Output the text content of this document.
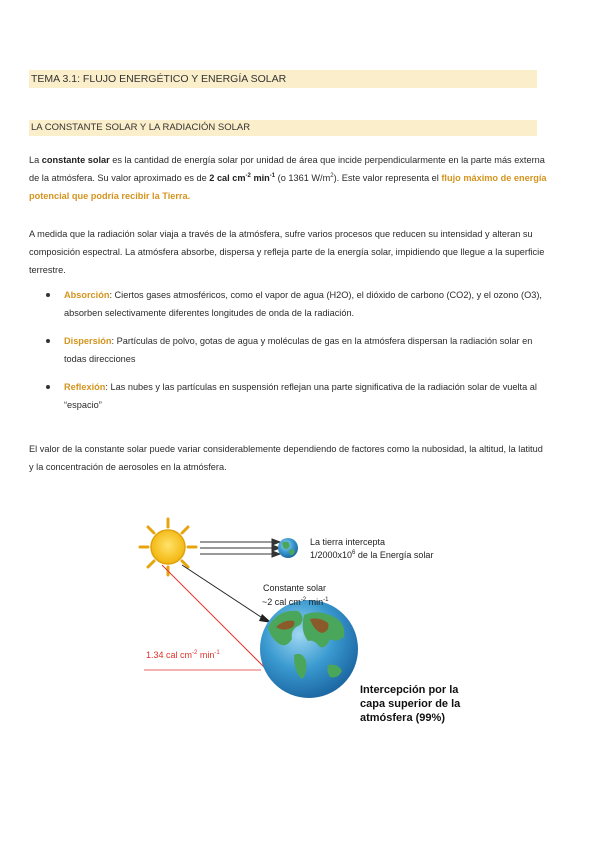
TEMA 3.1: FLUJO ENERGÉTICO Y ENERGÍA SOLAR
LA CONSTANTE SOLAR Y LA RADIACIÓN SOLAR

La constante solar es la cantidad de energía solar por unidad de área que incide perpendicularmente en la parte más externa de la atmósfera. Su valor aproximado es de 2 cal $cm^{-2}$ $\min^{-1} (o$ 1361 $W/m^2$). Este valor representa el flujo máximo de energía potencial que podría recibir la Tierra.

A medida que la radiación solar viaja a través de la atmósfera, sufre varios procesos que reducen su intensidad y alteran su composición espectral. La atmósfera absorbe, dispersa y refleja parte de la energía solar, impidiendo que llegue a la superficie terrestre.

Absorción: Ciertos gases atmosféricos, como el vapor de agua (H2O), el dióxido de carbono (CO2), y el ozono (O3), absorben selectivamente diferentes longitudes de onda de la radiación.
Dispersión: Partículas de polvo, gotas de agua y moléculas de gas en la atmósfera dispersan la radiación solar en todas direcciones
Reflexión: Las nubes y las partículas en suspensión reflejan una parte significativa de la radiación solar de vuelta al “espacio”

El valor de la constante solar puede variar considerablemente dependiendo de factores como la nubosidad, la altitud, la latitud y la concentración de aerosoles en la atmósfera.

La tierra intercepta
$1/2000x10^6$ de la Energía solar
Constante solar
~2 cal $cm^{-2}$ $\min^{-1}$
1.34 cal $cm^{-2}$ $\min^{-1}$
Intercepción por la
capa superior de la
atmósfera (99%)
